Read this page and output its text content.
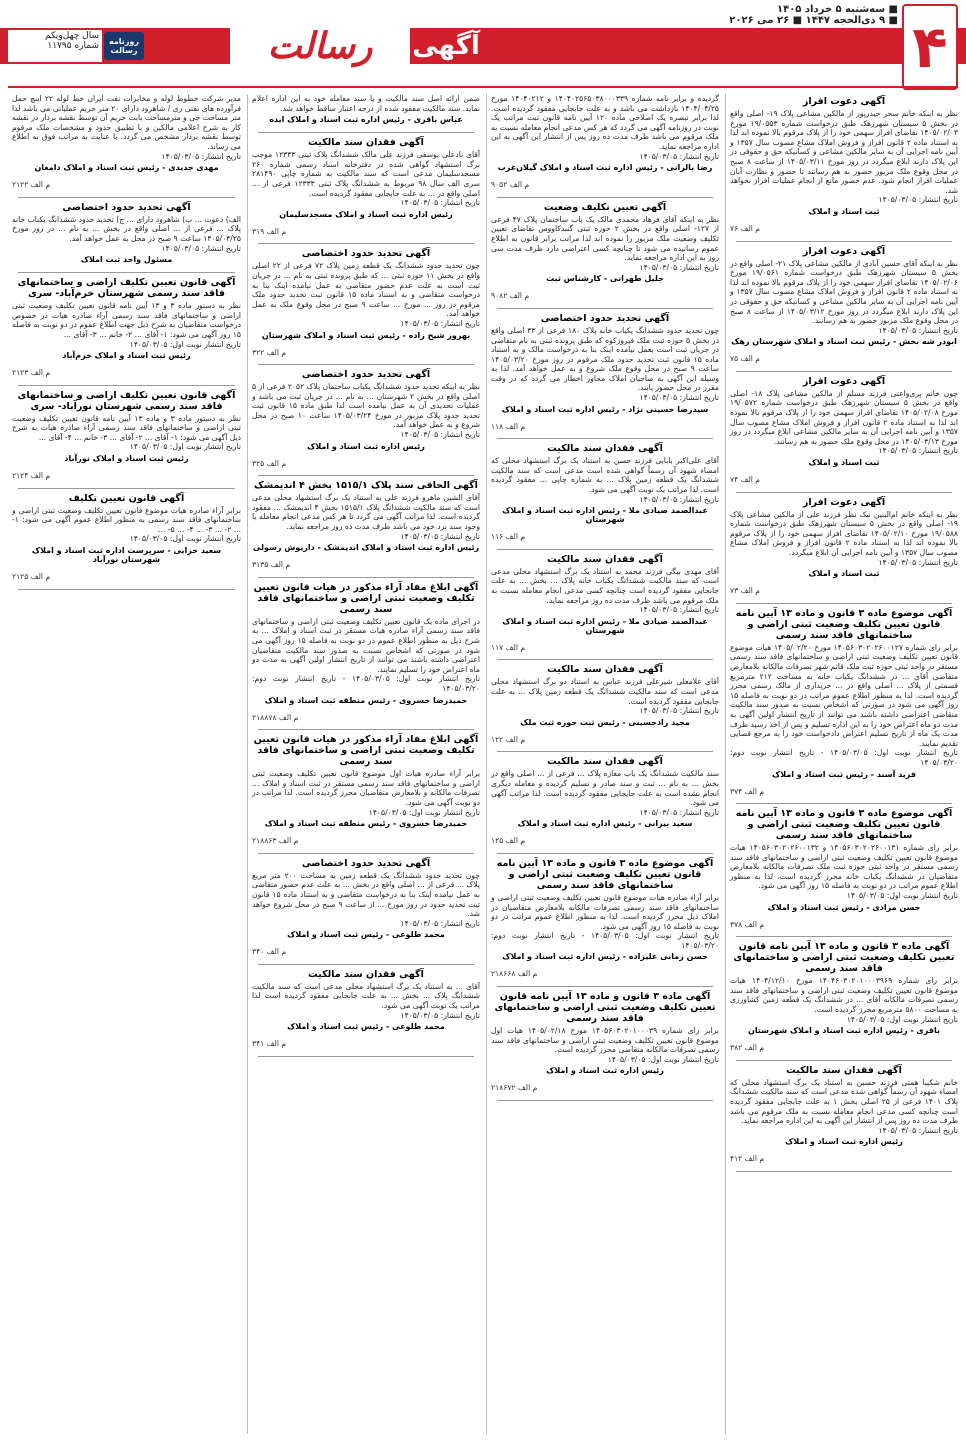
۴
■ سه‌شنبه ۵ خرداد ۱۴۰۵
■ ۹ ذی‌الحجه ۱۴۴۷ ■ ۲۶ می ۲۰۲۶
آگهی
رسالت
روزنامه رسالت
سال چهل‌ویکم
شماره ۱۱۷۹۵

آگهی دعوت افراز

نظر به اینکه خانم سحر حیدرپور از مالکین مشاعی پلاک ۱۹- اصلی واقع در بخش ۵ سیستان شهرزهک طبق درخواست شماره ۱۹/۰۵۵۳ مورخ ۱۴۰۵/۰۲/۰۳ تقاضای افراز سهمی خود را از پلاک مرقوم بالا نموده اند لذا به استناد ماده ۲ قانون افراز و فروش املاک مشاع مصوب سال ۱۳۵۷ و آیین نامه اجرایی آن به سایر مالکین مشاعی و کسانیکه حق و حقوقی در این پلاک دارند ابلاغ میگردد در روز مورخ ۱۴۰۵/۰۳/۱۱ از ساعت ۸ صبح در محل وقوع ملک مزبور حضور به هم رسانند تا حضور و نظارت آنان عملیات افراز انجام شود. عدم حضور مانع از انجام عملیات افراز نخواهد شد.

تاریخ انتشار: ۱۴۰۵/۰۳/۰۵

ثبت اسناد و املاک

م الف ۷۶

آگهی دعوت افراز

نظر به اینکه آقای حسین آبادی از مالکین مشاعی پلاک ۲۱- اصلی واقع در بخش ۵ سیستان شهرزهک طبق درخواست شماره ۱۹/۰۵۶۱ مورخ ۱۴۰۵/۰۲/۰۶ تقاضای افراز سهمی خود را از پلاک مرقوم بالا نموده اند لذا به استناد ماده ۲ قانون افراز و فروش املاک مشاع مصوب سال ۱۳۵۷ و آیین نامه اجرایی آن به سایر مالکین مشاعی و کسانیکه حق و حقوقی در این پلاک دارند ابلاغ میگردد در روز مورخ ۱۴۰۵/۰۳/۱۲ از ساعت ۸ صبح در محل وقوع ملک مزبور حضور به هم رسانند.

تاریخ انتشار: ۱۴۰۵/۰۳/۰۵

ابوذر شه بخش - رئیس ثبت اسناد و املاک شهرستان زهک

م الف ۷۵

آگهی دعوت افراز

چون خانم پری‌واعتی فرزند مسلم از مالکین مشاعی پلاک ۱۸- اصلی واقع در بخش ۵ سیستان شهرزهک طبق درخواست شماره ۱۹/۰۵۷۲ مورخ ۱۴۰۵/۰۲/۰۸ تقاضای افراز سهمی خود را از پلاک مرقوم بالا نموده اند لذا به استناد ماده ۲ قانون افراز و فروش املاک مشاع مصوب سال ۱۳۵۷ و آیین نامه اجرایی آن به سایر مالکین مشاعی ابلاغ میگردد در روز مورخ ۱۴۰۵/۰۳/۱۳ در محل وقوع ملک حضور به هم رسانند.

تاریخ انتشار: ۱۴۰۵/۰۳/۰۵

ثبت اسناد و املاک

م الف ۷۴

آگهی دعوت افراز

نظر به اینکه خانم ام‌البنین نیک نظر فرزند علی از مالکین مشاعی پلاک ۱۹- اصلی واقع در بخش ۵ سیستان شهرزهک طبق درخواست شماره ۱۹/۰۵۸۸ مورخ ۱۴۰۵/۰۲/۱۰ تقاضای افراز سهمی خود را از پلاک مرقوم بالا نموده اند لذا به استناد ماده ۲ قانون افراز و فروش املاک مشاع مصوب سال ۱۳۵۷ و آیین نامه اجرایی آن ابلاغ میگردد.

تاریخ انتشار: ۱۴۰۵/۰۳/۰۵

ثبت اسناد و املاک

م الف ۷۳

آگهی موضوع ماده ۳ قانون و ماده ۱۳ آیین نامه قانون تعیین تکلیف وضعیت ثبتی اراضی و ساختمانهای فاقد سند رسمی

برابر رای شماره ۱۴۰۵۶۰۳۰۲۰۲۶۰۰۱۲۷ مورخ ۱۴۰۵/۰۲/۲۰ هیات موضوع قانون تعیین تکلیف وضعیت ثبتی اراضی و ساختمانهای فاقد سند رسمی مستقر در واحد ثبتی حوزه ثبت ملک قائم شهر تصرفات مالکانه بلامعارض متقاضی آقای ... در ششدانگ یکباب خانه به مساحت ۲۱۲ مترمربع قسمتی از پلاک ... اصلی واقع در ... خریداری از مالک رسمی محرز گردیده است. لذا به منظور اطلاع عموم مراتب در دو نوبت به فاصله ۱۵ روز آگهی می شود در صورتی که اشخاص نسبت به صدور سند مالکیت متقاضی اعتراضی داشته باشند می توانند از تاریخ انتشار اولین آگهی به مدت دو ماه اعتراض خود را به این اداره تسلیم و پس از اخذ رسید ظرف مدت یک ماه از تاریخ تسلیم اعتراض دادخواست خود را به مرجع قضایی تقدیم نمایند.

تاریخ انتشار نوبت اول: ۱۴۰۵/۰۳/۰۵ - تاریخ انتشار نوبت دوم: ۱۴۰۵/۰۳/۲۰

فرید آسند - رئیس ثبت اسناد و املاک

م الف ۳۷۴

آگهی موضوع ماده ۳ قانون و ماده ۱۳ آیین نامه قانون تعیین تکلیف وضعیت ثبتی اراضی و ساختمانهای فاقد سند رسمی

برابر رای شماره ۱۴۰۵۶۰۳۰۲۰۲۶۰۰۱۳۱ و ۱۴۰۵۶۰۳۰۲۰۲۶۰۰۱۳۲ هیات موضوع قانون تعیین تکلیف وضعیت ثبتی اراضی و ساختمانهای فاقد سند رسمی مستقر در واحد ثبتی حوزه ثبت ملک تصرفات مالکانه بلامعارض متقاضیان در ششدانگ یکباب خانه محرز گردیده است. لذا به منظور اطلاع عموم مراتب در دو نوبت به فاصله ۱۵ روز آگهی می شود.

تاریخ انتشار نوبت اول: ۱۴۰۵/۰۳/۰۵

حسن مرادی - رئیس ثبت اسناد و املاک

م الف ۳۷۸

آگهی ماده ۳ قانون و ماده ۱۳ آیین نامه قانون تعیین تکلیف وضعیت ثبتی اراضی و ساختمانهای فاقد سند رسمی

برابر رای شماره ۱۴۰۴۶۰۳۰۲۰۱۰۰۰۳۹۶۹ مورخ ۱۴۰۴/۱۲/۱۰ هیات موضوع قانون تعیین تکلیف وضعیت ثبتی اراضی و ساختمانهای فاقد سند رسمی تصرفات مالکانه آقای ... در ششدانگ یک قطعه زمین کشاورزی به مساحت ۵۸۰۰ مترمربع محرز گردیده است.

تاریخ انتشار نوبت اول: ۱۴۰۵/۰۳/۰۵

باقری - رئیس اداره ثبت اسناد و املاک شهرستان

م الف ۳۸۲

آگهی فقدان سند مالکیت

خانم شکیبا همتی فرزند حسین به استناد یک برگ استشهاد محلی که امضاء شهود آن رسماً گواهی شده مدعی است که سند مالکیت ششدانگ پلاک ۱۴۰۱ فرعی از ۲۵ اصلی بخش ۱ به علت جابجایی مفقود گردیده است چنانچه کسی مدعی انجام معامله نسبت به ملک مرقوم می باشد ظرف مدت ده روز پس از انتشار این آگهی به این اداره مراجعه نماید.

تاریخ انتشار: ۱۴۰۵/۰۳/۰۵

رئیس اداره ثبت اسناد و املاک

م الف ۴۱۲

گردیده و برابر نامه شماره ۱۴۰۴۰۲۵۶۵۰۳۸۰۰۰۳۳۹ و ۱۴۰۴۰۲۱۲ مورخ ۱۴۰۴/۰۴/۲۵ بازداشت می باشد و به علت جابجایی مفقود گردیده است. لذا برابر تبصره یک اصلاحی ماده ۱۲۰ آیین نامه قانون ثبت مراتب یک نوبت در روزنامه آگهی می گردد که هر کس مدعی انجام معامله نسبت به ملک مرقوم می باشد ظرف مدت ده روز پس از انتشار این آگهی به این اداره مراجعه نماید.

تاریخ انتشار: ۱۴۰۵/۰۳/۰۵

رضا بالرانی - رئیس اداره ثبت اسناد و املاک گیلان‌غرب

م الف ۹۰۵۲

آگهی تعیین تکلیف وضعیت

نظر به اینکه آقای فرهاد محمدی مالک یک باب ساختمان پلاک ۴۷ فرعی از ۱۲۷- اصلی واقع در بخش ۲ حوزه ثبتی گنبدکاووس تقاضای تعیین تکلیف وضعیت ملک مزبور را نموده اند لذا مراتب برابر قانون به اطلاع عموم رسانیده می شود تا چنانچه کسی اعتراضی دارد ظرف مدت سی روز به این اداره مراجعه نماید.

تاریخ انتشار: ۱۴۰۵/۰۳/۰۵

جلیل طهرانی - کارشناس ثبت

م الف ۹۰۸۲

آگهی تحدید حدود اختصاصی

چون تحدید حدود ششدانگ یکباب خانه پلاک ۱۸۰ فرعی از ۳۳ اصلی واقع در بخش ۵ حوزه ثبت ملک فیروزکوه که طبق پرونده ثبتی به نام متقاضی در جریان ثبت است بعمل نیامده اینک بنا به درخواست مالک و به استناد ماده ۱۵ قانون ثبت تحدید حدود ملک مرقوم در روز مورخ ۱۴۰۵/۰۳/۲۰ ساعت ۹ صبح در محل وقوع ملک شروع و به عمل خواهد آمد. لذا به وسیله این آگهی به صاحبان املاک مجاور اخطار می گردد که در وقت مقرر در محل حضور یابند.

تاریخ انتشار: ۱۴۰۵/۰۳/۰۵

سیدرضا حسینی نژاد - رئیس اداره ثبت اسناد و املاک

م الف ۱۱۸

آگهی فقدان سند مالکیت

آقای علی‌اکبر بابایی فرزند حسن به استناد یک برگ استشهاد محلی که امضاء شهود آن رسماً گواهی شده است مدعی است که سند مالکیت ششدانگ یک قطعه زمین پلاک ... به شماره چاپی ... مفقود گردیده است. لذا مراتب یک نوبت آگهی می شود.

تاریخ انتشار: ۱۴۰۵/۰۳/۰۵

عبدالصمد صیادی ملا - رئیس اداره ثبت اسناد و املاک شهرستان

م الف ۱۱۶

آگهی فقدان سند مالکیت

آقای مهدی بیگی فرزند محمد به استناد یک برگ استشهاد محلی مدعی است که سند مالکیت ششدانگ یکباب خانه پلاک ... بخش ... به علت جابجایی مفقود گردیده است چنانچه کسی مدعی انجام معامله نسبت به ملک مرقوم می باشد ظرف مدت ده روز مراجعه نماید.

تاریخ انتشار: ۱۴۰۵/۰۳/۰۵

عبدالصمد صیادی ملا - رئیس اداره ثبت اسناد و املاک شهرستان

م الف ۱۱۷

آگهی فقدان سند مالکیت

آقای غلامعلی شیرعلی فرزند عباس به استناد دو برگ استشهاد محلی مدعی است که سند مالکیت ششدانگ یک قطعه زمین پلاک ... به علت جابجایی مفقود گردیده است.

تاریخ انتشار: ۱۴۰۵/۰۳/۰۵

مجید رادحسینی - رئیس ثبت حوزه ثبت ملک

م الف ۱۲۲

آگهی فقدان سند مالکیت

سند مالکیت ششدانگ یک باب مغازه پلاک ... فرعی از ... اصلی واقع در بخش ... به نام ... ثبت و سند صادر و تسلیم گردیده و معامله دیگری انجام نشده است به علت جابجایی مفقود گردیده است. لذا مراتب آگهی می شود.

تاریخ انتشار: ۱۴۰۵/۰۳/۰۵

سعید بیرانی - رئیس اداره ثبت اسناد و املاک

م الف ۱۲۵

آگهی موضوع ماده ۳ قانون و ماده ۱۳ آیین نامه قانون تعیین تکلیف وضعیت ثبتی اراضی و ساختمانهای فاقد سند رسمی

برابر آراء صادره هیات موضوع قانون تعیین تکلیف وضعیت ثبتی اراضی و ساختمانهای فاقد سند رسمی تصرفات مالکانه بلامعارض متقاضیان در املاک ذیل محرز گردیده است. لذا به منظور اطلاع عموم مراتب در دو نوبت به فاصله ۱۵ روز آگهی می شود.

تاریخ انتشار نوبت اول: ۱۴۰۵/۰۳/۰۵ - تاریخ انتشار نوبت دوم: ۱۴۰۵/۰۳/۲۰

حسن زمانی علیزاده - رئیس اداره ثبت اسناد و املاک

م الف ۲۱۸۶۶۸

آگهی ماده ۳ قانون و ماده ۱۳ آیین نامه قانون تعیین تکلیف وضعیت ثبتی اراضی و ساختمانهای فاقد سند رسمی

برابر رای شماره ۱۴۰۵۶۰۳۰۲۰۱۰۰۰۳۹ مورخ ۱۴۰۵/۰۲/۱۸ هیات اول موضوع قانون تعیین تکلیف وضعیت ثبتی اراضی و ساختمانهای فاقد سند رسمی تصرفات مالکانه متقاضی محرز گردیده است.

تاریخ انتشار نوبت اول: ۱۴۰۵/۰۳/۰۵

رئیس اداره ثبت اسناد و املاک

م الف ۲۱۸۶۷۲

ضمن ارائه اصل سند مالکیت و یا سند معامله خود به این اداره اعلام نماید. سند مالکیت مفقود شده از درجه اعتبار ساقط خواهد شد.

عباس باقری - رئیس اداره ثبت اسناد و املاک ایذه

آگهی فقدان سند مالکیت

آقای نادعلی یوسفی فرزند علی مالک ششدانگ پلاک ثبتی ۱۲۳۳۳ موجب برگ استشهاد گواهی شده در دفترخانه اسناد رسمی شماره ۲۶۰ مسجدسلیمان مدعی است که سند مالکیت به شماره چاپی ۲۸۱۴۹۰ سری الف سال ۹۸ مربوط به ششدانگ پلاک ثبتی ۱۲۳۳۳ فرعی از ... اصلی واقع در ... به علت جابجایی مفقود گردیده است.

تاریخ انتشار: ۱۴۰۵/۰۳/۰۵

رئیس اداره ثبت اسناد و املاک مسجدسلیمان

م الف ۳۱۹

آگهی تحدید حدود اختصاصی

چون تحدید حدود ششدانگ یک قطعه زمین پلاک ۷۲ فرعی از ۲۲ اصلی واقع در بخش ۱۱ حوزه ثبتی ... که طبق پرونده ثبتی به نام ... در جریان ثبت است به علت عدم حضور متقاضی به عمل نیامده اینک بنا به درخواست متقاضی و به استناد ماده ۱۵ قانون ثبت تحدید حدود ملک مرقوم در روز ... مورخ ... ساعت ۹ صبح در محل وقوع ملک به عمل خواهد آمد.

تاریخ انتشار: ۱۴۰۵/۰۳/۰۵

بهروز شیخ زاده - رئیس ثبت اسناد و املاک شهرستان

م الف ۳۲۲

آگهی تحدید حدود اختصاصی

نظر به اینکه تحدید حدود ششدانگ یکباب ساختمان پلاک ۲۰۵۲ فرعی از ۵ اصلی واقع در بخش ۲ شهرستان ... به نام ... در جریان ثبت می باشد و عملیات تحدیدی آن به عمل نیامده است لذا طبق ماده ۱۵ قانون ثبت تحدید حدود پلاک مزبور در مورخ ۱۴۰۵/۰۳/۲۴ ساعت ۱۰ صبح در محل شروع و به عمل خواهد آمد.

تاریخ انتشار: ۱۴۰۵/۰۳/۰۵

رئیس اداره ثبت اسناد و املاک

م الف ۳۲۵

آگهی الحاقی سند پلاک ۱۵۱۵/۱ بخش ۴ اندیمشک

آقای الشین ماهرو فرزند علی به استناد یک برگ استشهاد محلی مدعی است که سند مالکیت ششدانگ پلاک ۱۵۱۵/۱ بخش ۴ اندیمشک ... مفقود گردیده است. لذا مراتب آگهی می گردد تا هر کس مدعی انجام معامله یا وجود سند نزد خود می باشد ظرف مدت ده روز مراجعه نماید.

تاریخ انتشار: ۱۴۰۵/۰۳/۰۵

رئیس اداره ثبت اسناد و املاک اندیمشک - داریوش رسولی

م الف ۳۱۳۵

آگهی ابلاغ مفاد آراء مذکور در هیات قانون تعیین تکلیف وضعیت ثبتی اراضی و ساختمانهای فاقد سند رسمی

در اجرای ماده یک قانون تعیین تکلیف وضعیت ثبتی اراضی و ساختمانهای فاقد سند رسمی آراء صادره هیات مستقر در ثبت اسناد و املاک ... به شرح ذیل به منظور اطلاع عموم در دو نوبت به فاصله ۱۵ روز آگهی می شود در صورتی که اشخاص نسبت به صدور سند مالکیت متقاضیان اعتراضی داشته باشند می توانند از تاریخ انتشار اولین آگهی به مدت دو ماه اعتراض خود را تسلیم نمایند.

تاریخ انتشار نوبت اول: ۱۴۰۵/۰۳/۰۵ - تاریخ انتشار نوبت دوم: ۱۴۰۵/۰۳/۲۰

حمیدرضا خسروی - رئیس منطقه ثبت اسناد و املاک

م الف ۲۱۸۸۷۸

آگهی ابلاغ مفاد آراء مذکور در هیات قانون تعیین تکلیف وضعیت ثبتی اراضی و ساختمانهای فاقد سند رسمی

برابر آراء صادره هیات اول موضوع قانون تعیین تکلیف وضعیت ثبتی اراضی و ساختمانهای فاقد سند رسمی مستقر در ثبت اسناد و املاک ... تصرفات مالکانه و بلامعارض متقاضیان محرز گردیده است. لذا مراتب در دو نوبت آگهی می شود.

تاریخ انتشار نوبت اول: ۱۴۰۵/۰۳/۰۵

حمیدرضا خسروی - رئیس منطقه ثبت اسناد و املاک

م الف ۲۱۸۸۶۳

آگهی تحدید حدود اختصاصی

چون تحدید حدود ششدانگ یک قطعه زمین به مساحت ۲۰۰ متر مربع پلاک ... فرعی از ... اصلی واقع در بخش ... به علت عدم حضور متقاضی به عمل نیامده اینک بنا به درخواست متقاضی و به استناد ماده ۱۵ قانون ثبت تحدید حدود در روز مورخ ... از ساعت ۹ صبح در محل شروع خواهد شد.

تاریخ انتشار: ۱۴۰۵/۰۳/۰۵

محمد طلوعی - رئیس ثبت اسناد و املاک

م الف ۳۴۰

آگهی فقدان سند مالکیت

آقای ... به استناد یک برگ استشهاد محلی مدعی است که سند مالکیت ششدانگ پلاک ... بخش ... به علت جابجایی مفقود گردیده است لذا مراتب یک نوبت آگهی می شود.

تاریخ انتشار: ۱۴۰۵/۰۳/۰۵

محمد طلوعی - رئیس ثبت اسناد و املاک

م الف ۳۴۱

مدیر شرکت خطوط لوله و مخابرات نفت ایران خط لوله ۲۲ اینچ حمل فرآورده های نفتی ری / شاهرود دارای ۲۰ متر حریم عملیاتی می باشد لذا متر مساحت جی و مترمساحت بابت حریم آن توسط نقشه بردار در نقشه کار به شرح اعلامی مالکین و با تطبیق حدود و مشخصات ملک مرقوم توسط نقشه بردار مشخص می گردد. با عنایت به مراتب فوق به اطلاع می رساند.

تاریخ انتشار: ۱۴۰۵/۰۳/۰۵

مهدی جدیدی - رئیس ثبت اسناد و املاک دامغان

م الف ۲۱۲۲

آگهی تحدید حدود اختصاصی

الف) دعوت ... ب) شاهرود دارای ... ج) تحدید حدود ششدانگ یکباب خانه پلاک ... فرعی از ... اصلی واقع در بخش ... به نام ... در روز مورخ ۱۴۰۵/۰۳/۲۵ ساعت ۹ صبح در محل به عمل خواهد آمد.

تاریخ انتشار: ۱۴۰۵/۰۳/۰۵

مسئول واحد ثبت املاک

آگهی قانون تعیین تکلیف اراضی و ساختمانهای فاقد سند رسمی شهرستان خرم‌آباد- سری

نظر به دستور ماده ۳ و ۱۳ آیین نامه قانون تعیین تکلیف وضعیت ثبتی اراضی و ساختمانهای فاقد سند رسمی آراء صادره هیات در خصوص درخواست متقاضیان به شرح ذیل جهت اطلاع عموم در دو نوبت به فاصله ۱۵ روز آگهی می شود: ۱- آقای ... ۲- خانم ... ۳- آقای ...

تاریخ انتشار نوبت اول: ۱۴۰۵/۰۳/۰۵

رئیس ثبت اسناد و املاک خرم‌آباد

م الف ۲۱۲۳

آگهی قانون تعیین تکلیف اراضی و ساختمانهای فاقد سند رسمی شهرستان نورآباد- سری

نظر به دستور ماده ۳ و ماده ۱۳ آیین نامه قانون تعیین تکلیف وضعیت ثبتی اراضی و ساختمانهای فاقد سند رسمی آراء صادره هیات به شرح ذیل آگهی می شود: ۱- آقای ... ۲- آقای ... ۳- خانم ... ۴- آقای ...

تاریخ انتشار نوبت اول: ۱۴۰۵/۰۳/۰۵

رئیس ثبت اسناد و املاک نورآباد

م الف ۲۱۲۴

آگهی قانون تعیین تکلیف

برابر آراء صادره هیات موضوع قانون تعیین تکلیف وضعیت ثبتی اراضی و ساختمانهای فاقد سند رسمی به منظور اطلاع عموم آگهی می شود: ۱- ... ۲- ... ۳- ... ۴- ... ۵- ...

تاریخ انتشار نوبت اول: ۱۴۰۵/۰۳/۰۵

سعید خزایی - سرپرست اداره ثبت اسناد و املاک شهرستان نورآباد

م الف ۲۱۲۵
